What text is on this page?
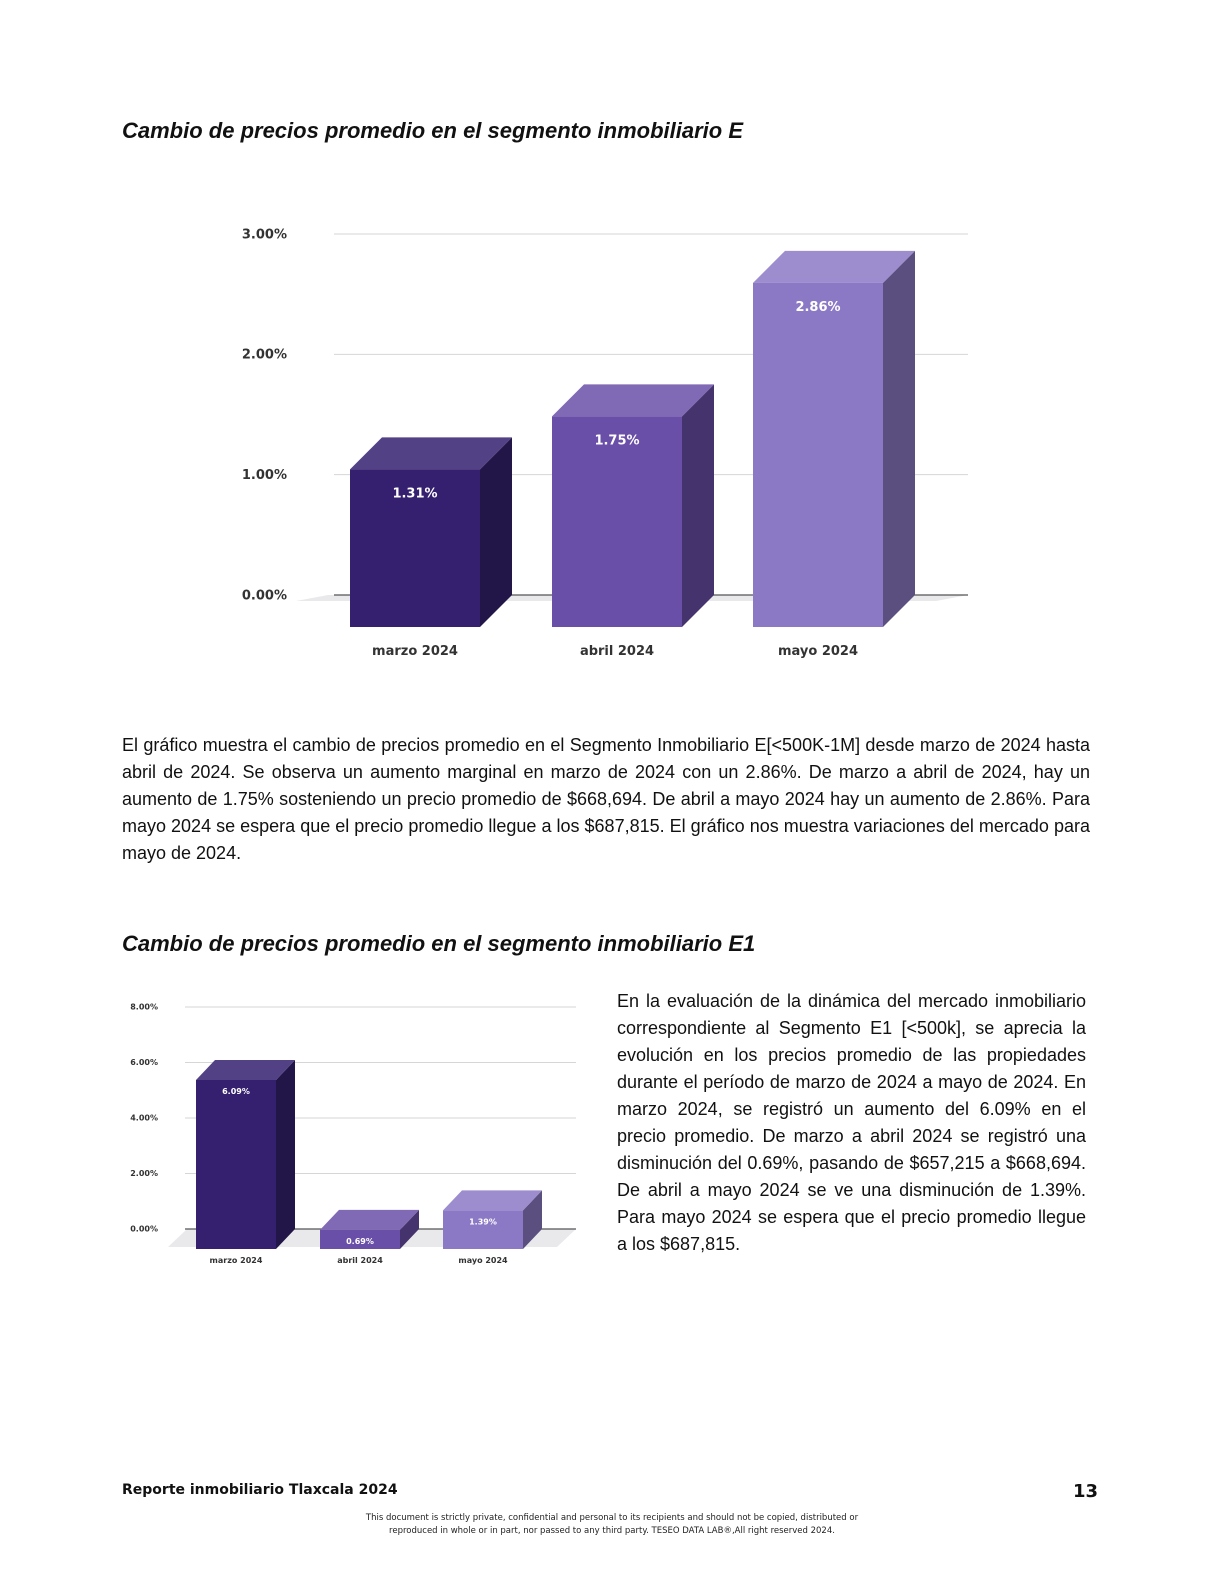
Cambio de precios promedio en el segmento inmobiliario E
0.00%
1.00%
2.00%
3.00%
1.31%
marzo 2024
1.75%
abril 2024
2.86%
mayo 2024

El gráfico muestra el cambio de precios promedio en el Segmento Inmobiliario E[<500K-1M] desde marzo de 2024 hasta abril de 2024. Se observa un aumento marginal en marzo de 2024 con un 2.86%. De marzo a abril de 2024, hay un aumento de 1.75% sosteniendo un precio promedio de $668,694. De abril a mayo 2024 hay un aumento de 2.86%. Para mayo 2024 se espera que el precio promedio llegue a los $687,815. El gráfico nos muestra variaciones del mercado para mayo de 2024.

Cambio de precios promedio en el segmento inmobiliario E1
0.00%
2.00%
4.00%
6.00%
8.00%
6.09%
marzo 2024
0.69%
abril 2024
1.39%
mayo 2024

En la evaluación de la dinámica del mercado inmobiliario correspondiente al Segmento E1 [<500k], se aprecia la evolución en los precios promedio de las propiedades durante el período de marzo de 2024 a mayo de 2024. En marzo 2024, se registró un aumento del 6.09% en el precio promedio. De marzo a abril 2024 se registró una disminución del 0.69%, pasando de $657,215 a $668,694. De abril a mayo 2024 se ve una disminución de 1.39%. Para mayo 2024 se espera que el precio promedio llegue a los $687,815.

Reporte inmobiliario Tlaxcala 2024	13
This document is strictly private, confidential and personal to its recipients and should not be copied, distributed or
reproduced in whole or in part, nor passed to any third party. TESEO DATA LAB®,All right reserved 2024.
